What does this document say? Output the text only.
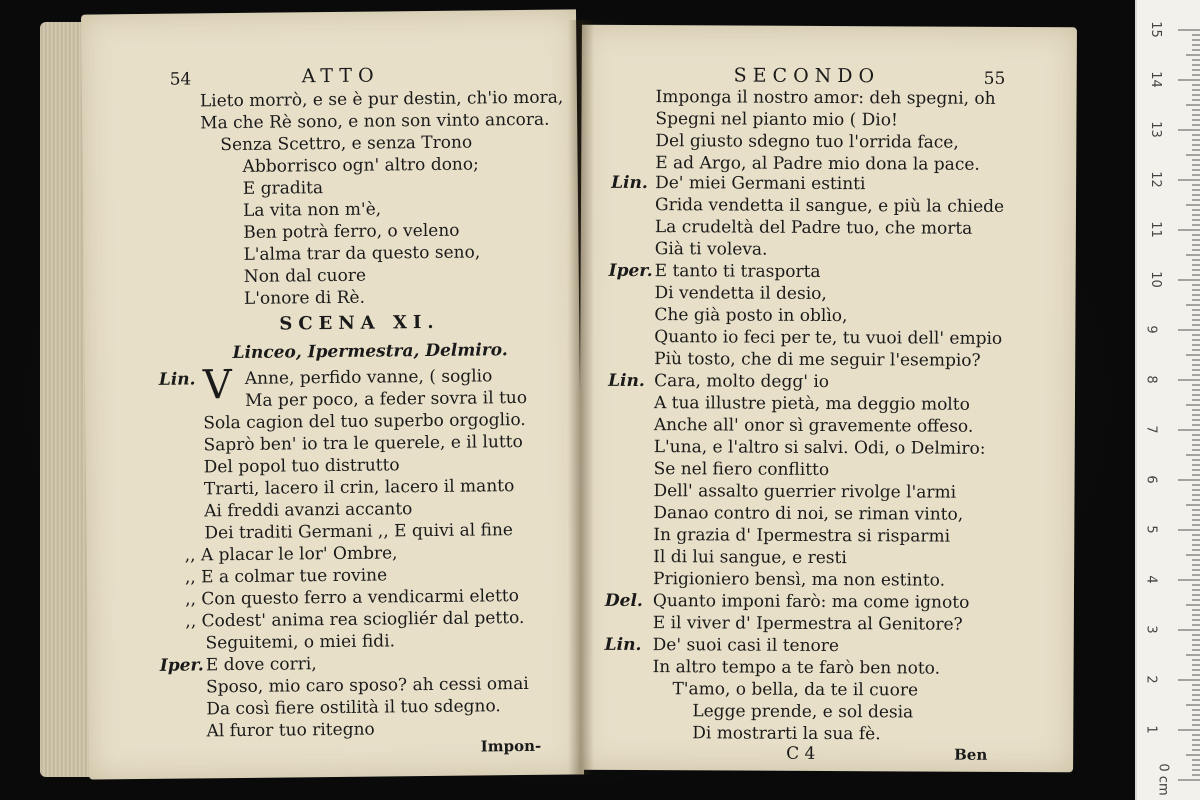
54	ATTO
Lieto morrò, e se è pur destin, ch'io mora,
Ma che Rè sono, e non son vinto ancora.
Senza Scettro, e senza Trono
Abborrisco ogn' altro dono;
E gradita
La vita non m'è,
Ben potrà ferro, o veleno
L'alma trar da questo seno,
Non dal cuore
L'onore di Rè.
SCENA XI.
Linceo, Ipermestra, Delmiro.
Lin. V Anne, perfido vanne, ( soglio
Ma per poco, a feder sovra il tuo
Sola cagion del tuo superbo orgoglio.
Saprò ben' io tra le querele, e il lutto
Del popol tuo distrutto
Trarti, lacero il crin, lacero il manto
Ai freddi avanzi accanto
Dei traditi Germani ,, E quivi al fine
,, A placar le lor' Ombre,
,, E a colmar tue rovine
,, Con questo ferro a vendicarmi eletto
,, Codest' anima rea sciogliér dal petto.
Seguitemi, o miei fidi.
Iper. E dove corri,
Sposo, mio caro sposo? ah cessi omai
Da così fiere ostilità il tuo sdegno.
Al furor tuo ritegno
Impon-
SECONDO	55
Imponga il nostro amor: deh spegni, oh
Spegni nel pianto mio ( Dio!
Del giusto sdegno tuo l'orrida face,
E ad Argo, al Padre mio dona la pace.
Lin. De' miei Germani estinti
Grida vendetta il sangue, e più la chiede
La crudeltà del Padre tuo, che morta
Già ti voleva.
Iper. E tanto ti trasporta
Di vendetta il desio,
Che già posto in oblìo,
Quanto io feci per te, tu vuoi dell' empio
Più tosto, che di me seguir l'esempio?
Lin. Cara, molto degg' io
A tua illustre pietà, ma deggio molto
Anche all' onor sì gravemente offeso.
L'una, e l'altro si salvi. Odi, o Delmiro:
Se nel fiero conflitto
Dell' assalto guerrier rivolge l'armi
Danao contro di noi, se riman vinto,
In grazia d' Ipermestra si risparmi
Il di lui sangue, e resti
Prigioniero bensì, ma non estinto.
Del. Quanto imponi farò: ma come ignoto
E il viver d' Ipermestra al Genitore?
Lin. De' suoi casi il tenore
In altro tempo a te farò ben noto.
T'amo, o bella, da te il cuore
Legge prende, e sol desia
Di mostrarti la sua fè.
C 4	Ben
0 cm
1
2
3
4
5
6
7
8
9
10
11
12
13
14
15
